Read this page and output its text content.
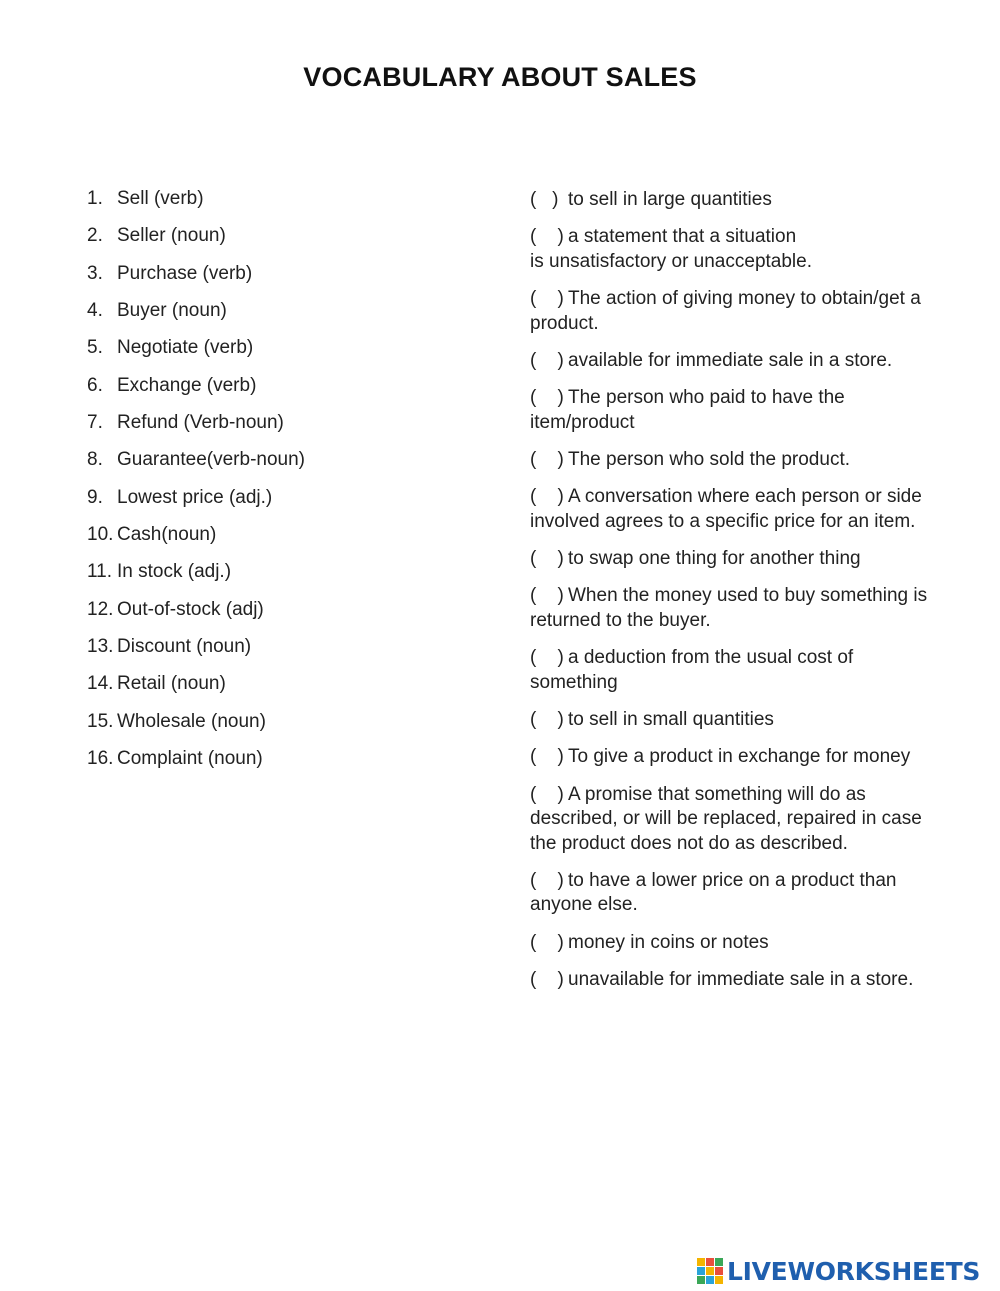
VOCABULARY ABOUT SALES
1. Sell (verb)
2. Seller (noun)
3. Purchase (verb)
4. Buyer (noun)
5. Negotiate (verb)
6. Exchange (verb)
7. Refund (Verb-noun)
8. Guarantee(verb-noun)
9. Lowest price (adj.)
10. Cash(noun)
11. In stock (adj.)
12. Out-of-stock (adj)
13. Discount (noun)
14. Retail (noun)
15. Wholesale (noun)
16. Complaint (noun)
(   ) to sell in large quantities
(    ) a statement that a situation
is unsatisfactory or unacceptable.
(    ) The action of giving money to obtain/get a product.
(    ) available for immediate sale in a store.
(    ) The person who paid to have the
item/product
(    ) The person who sold the product.
(    ) A conversation where each person or side involved agrees to a specific price for an item.
(    ) to swap one thing for another thing
(    ) When the money used to buy something is returned to the buyer.
(    ) a deduction from the usual cost of
something
(    ) to sell in small quantities
(    ) To give a product in exchange for money
(    ) A promise that something will do as described, or will be replaced, repaired in case the product does not do as described.
(    ) to have a lower price on a product than anyone else.
(    ) money in coins or notes
(    ) unavailable for immediate sale in a store.
LIVEWORKSHEETS
